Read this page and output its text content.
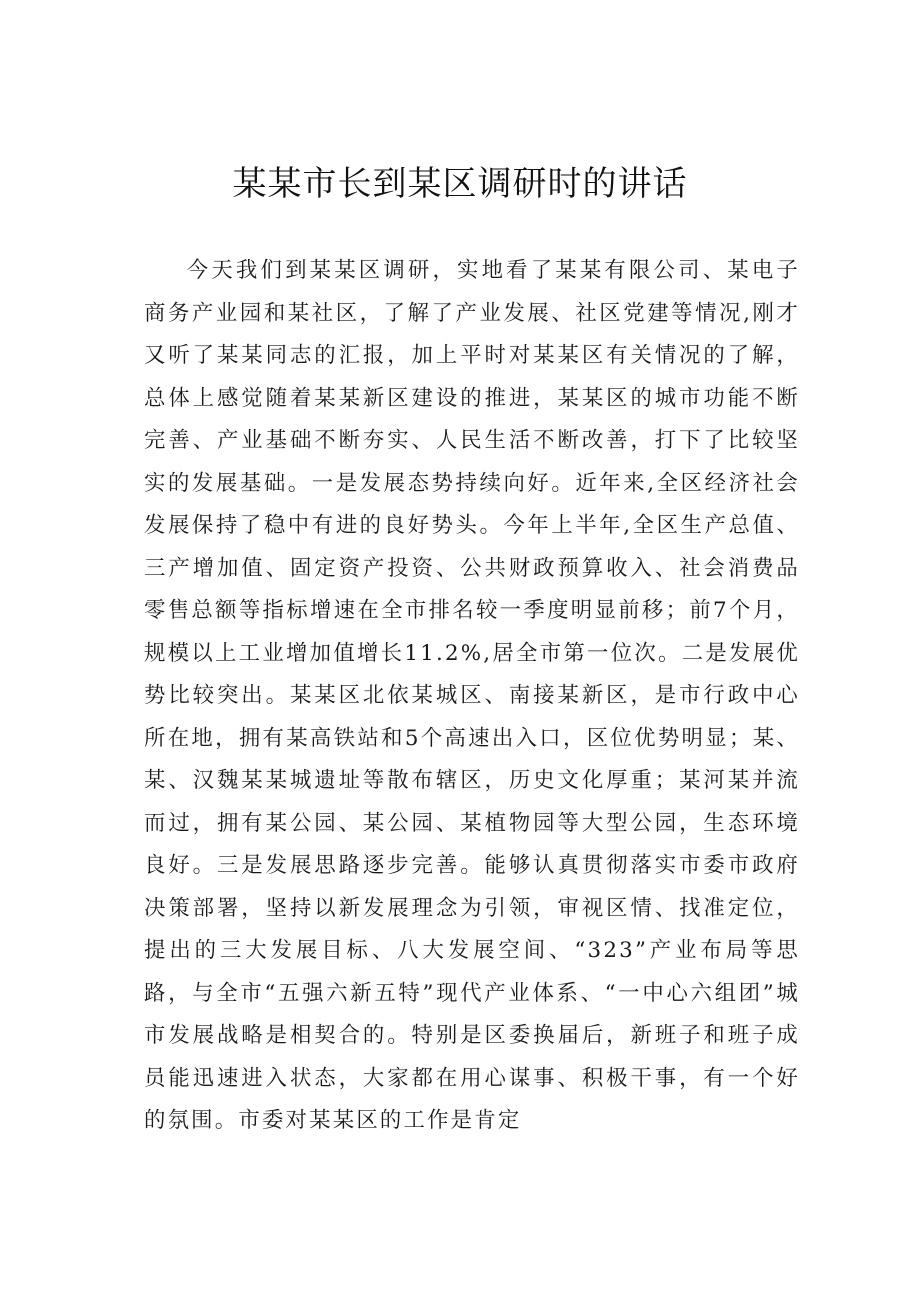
某某市长到某区调研时的讲话

今天我们到某某区调研，实地看了某某有限公司、某电子商务产业园和某社区，了解了产业发展、社区党建等情况,刚才又听了某某同志的汇报，加上平时对某某区有关情况的了解，总体上感觉随着某某新区建设的推进，某某区的城市功能不断完善、产业基础不断夯实、人民生活不断改善，打下了比较坚实的发展基础。一是发展态势持续向好。近年来,全区经济社会发展保持了稳中有进的良好势头。今年上半年,全区生产总值、三产增加值、固定资产投资、公共财政预算收入、社会消费品零售总额等指标增速在全市排名较一季度明显前移；前7个月，规模以上工业增加值增长11.2%,居全市第一位次。二是发展优势比较突出。某某区北依某城区、南接某新区，是市行政中心所在地，拥有某高铁站和5个高速出入口，区位优势明显；某、某、汉魏某某城遗址等散布辖区，历史文化厚重；某河某并流而过，拥有某公园、某公园、某植物园等大型公园，生态环境良好。三是发展思路逐步完善。能够认真贯彻落实市委市政府决策部署，坚持以新发展理念为引领，审视区情、找准定位，提出的三大发展目标、八大发展空间、“323”产业布局等思路，与全市“五强六新五特”现代产业体系、“一中心六组团”城市发展战略是相契合的。特别是区委换届后，新班子和班子成员能迅速进入状态，大家都在用心谋事、积极干事，有一个好的氛围。市委对某某区的工作是肯定
